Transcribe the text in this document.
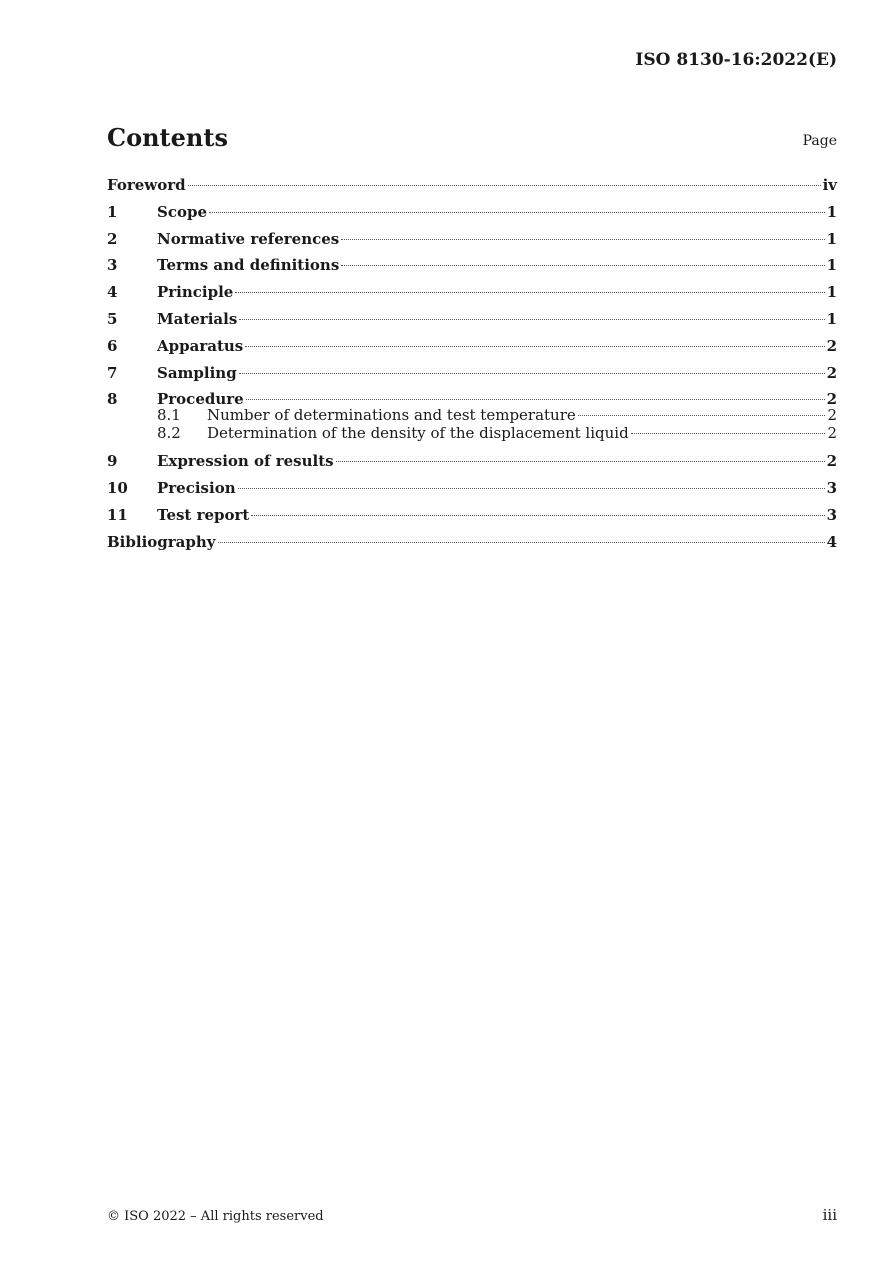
ISO 8130-16:2022(E)
Contents	Page
Foreword	iv
1	Scope	1
2	Normative references	1
3	Terms and definitions	1
4	Principle	1
5	Materials	1
6	Apparatus	2
7	Sampling	2
8	Procedure	2
8.1	Number of determinations and test temperature	2
8.2	Determination of the density of the displacement liquid	2
9	Expression of results	2
10	Precision	3
11	Test report	3
Bibliography	4
© ISO 2022 – All rights reserved	iii
